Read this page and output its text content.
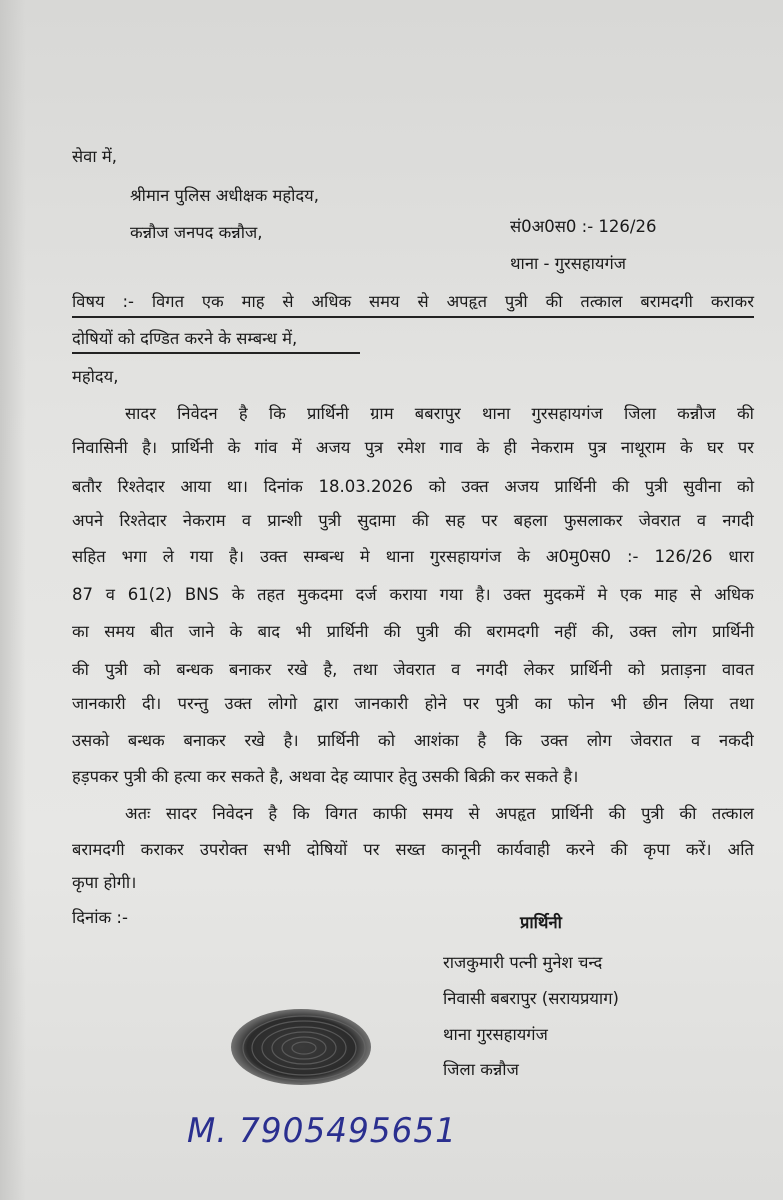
सेवा में,
श्रीमान पुलिस अधीक्षक महोदय,
कन्नौज जनपद कन्नौज,	सं0अ0स0 :- 126/26
थाना - गुरसहायगंज
विषय :- विगत एक माह से अधिक समय से अपहृत पुत्री की तत्काल बरामदगी कराकर
दोषियों को दण्डित करने के सम्बन्ध में,
महोदय,
सादर निवेदन है कि प्रार्थिनी ग्राम बबरापुर थाना गुरसहायगंज जिला कन्नौज की
निवासिनी है। प्रार्थिनी के गांव में अजय पुत्र रमेश गाव के ही नेकराम पुत्र नाथूराम के घर पर
बतौर रिश्तेदार आया था। दिनांक 18.03.2026 को उक्त अजय प्रार्थिनी की पुत्री सुवीना को
अपने रिश्तेदार नेकराम व प्रान्शी पुत्री सुदामा की सह पर बहला फुसलाकर जेवरात व नगदी
सहित भगा ले गया है। उक्त सम्बन्ध मे थाना गुरसहायगंज के अ0मु0स0 :- 126/26 धारा
87 व 61(2) BNS के तहत मुकदमा दर्ज कराया गया है। उक्त मुदकमें मे एक माह से अधिक
का समय बीत जाने के बाद भी प्रार्थिनी की पुत्री की बरामदगी नहीं की, उक्त लोग प्रार्थिनी
की पुत्री को बन्धक बनाकर रखे है, तथा जेवरात व नगदी लेकर प्रार्थिनी को प्रताड़ना वावत
जानकारी दी। परन्तु उक्त लोगो द्वारा जानकारी होने पर पुत्री का फोन भी छीन लिया तथा
उसको बन्धक बनाकर रखे है। प्रार्थिनी को आशंका है कि उक्त लोग जेवरात व नकदी
हड़पकर पुत्री की हत्या कर सकते है, अथवा देह व्यापार हेतु उसकी बिक्री कर सकते है।
अतः सादर निवेदन है कि विगत काफी समय से अपहृत प्रार्थिनी की पुत्री की तत्काल
बरामदगी कराकर उपरोक्त सभी दोषियों पर सख्त कानूनी कार्यवाही करने की कृपा करें। अति
कृपा होगी।
दिनांक :-	प्रार्थिनी
राजकुमारी पत्नी मुनेश चन्द
निवासी बबरापुर (सरायप्रयाग)
थाना गुरसहायगंज
जिला कन्नौज
M. 7905495651
